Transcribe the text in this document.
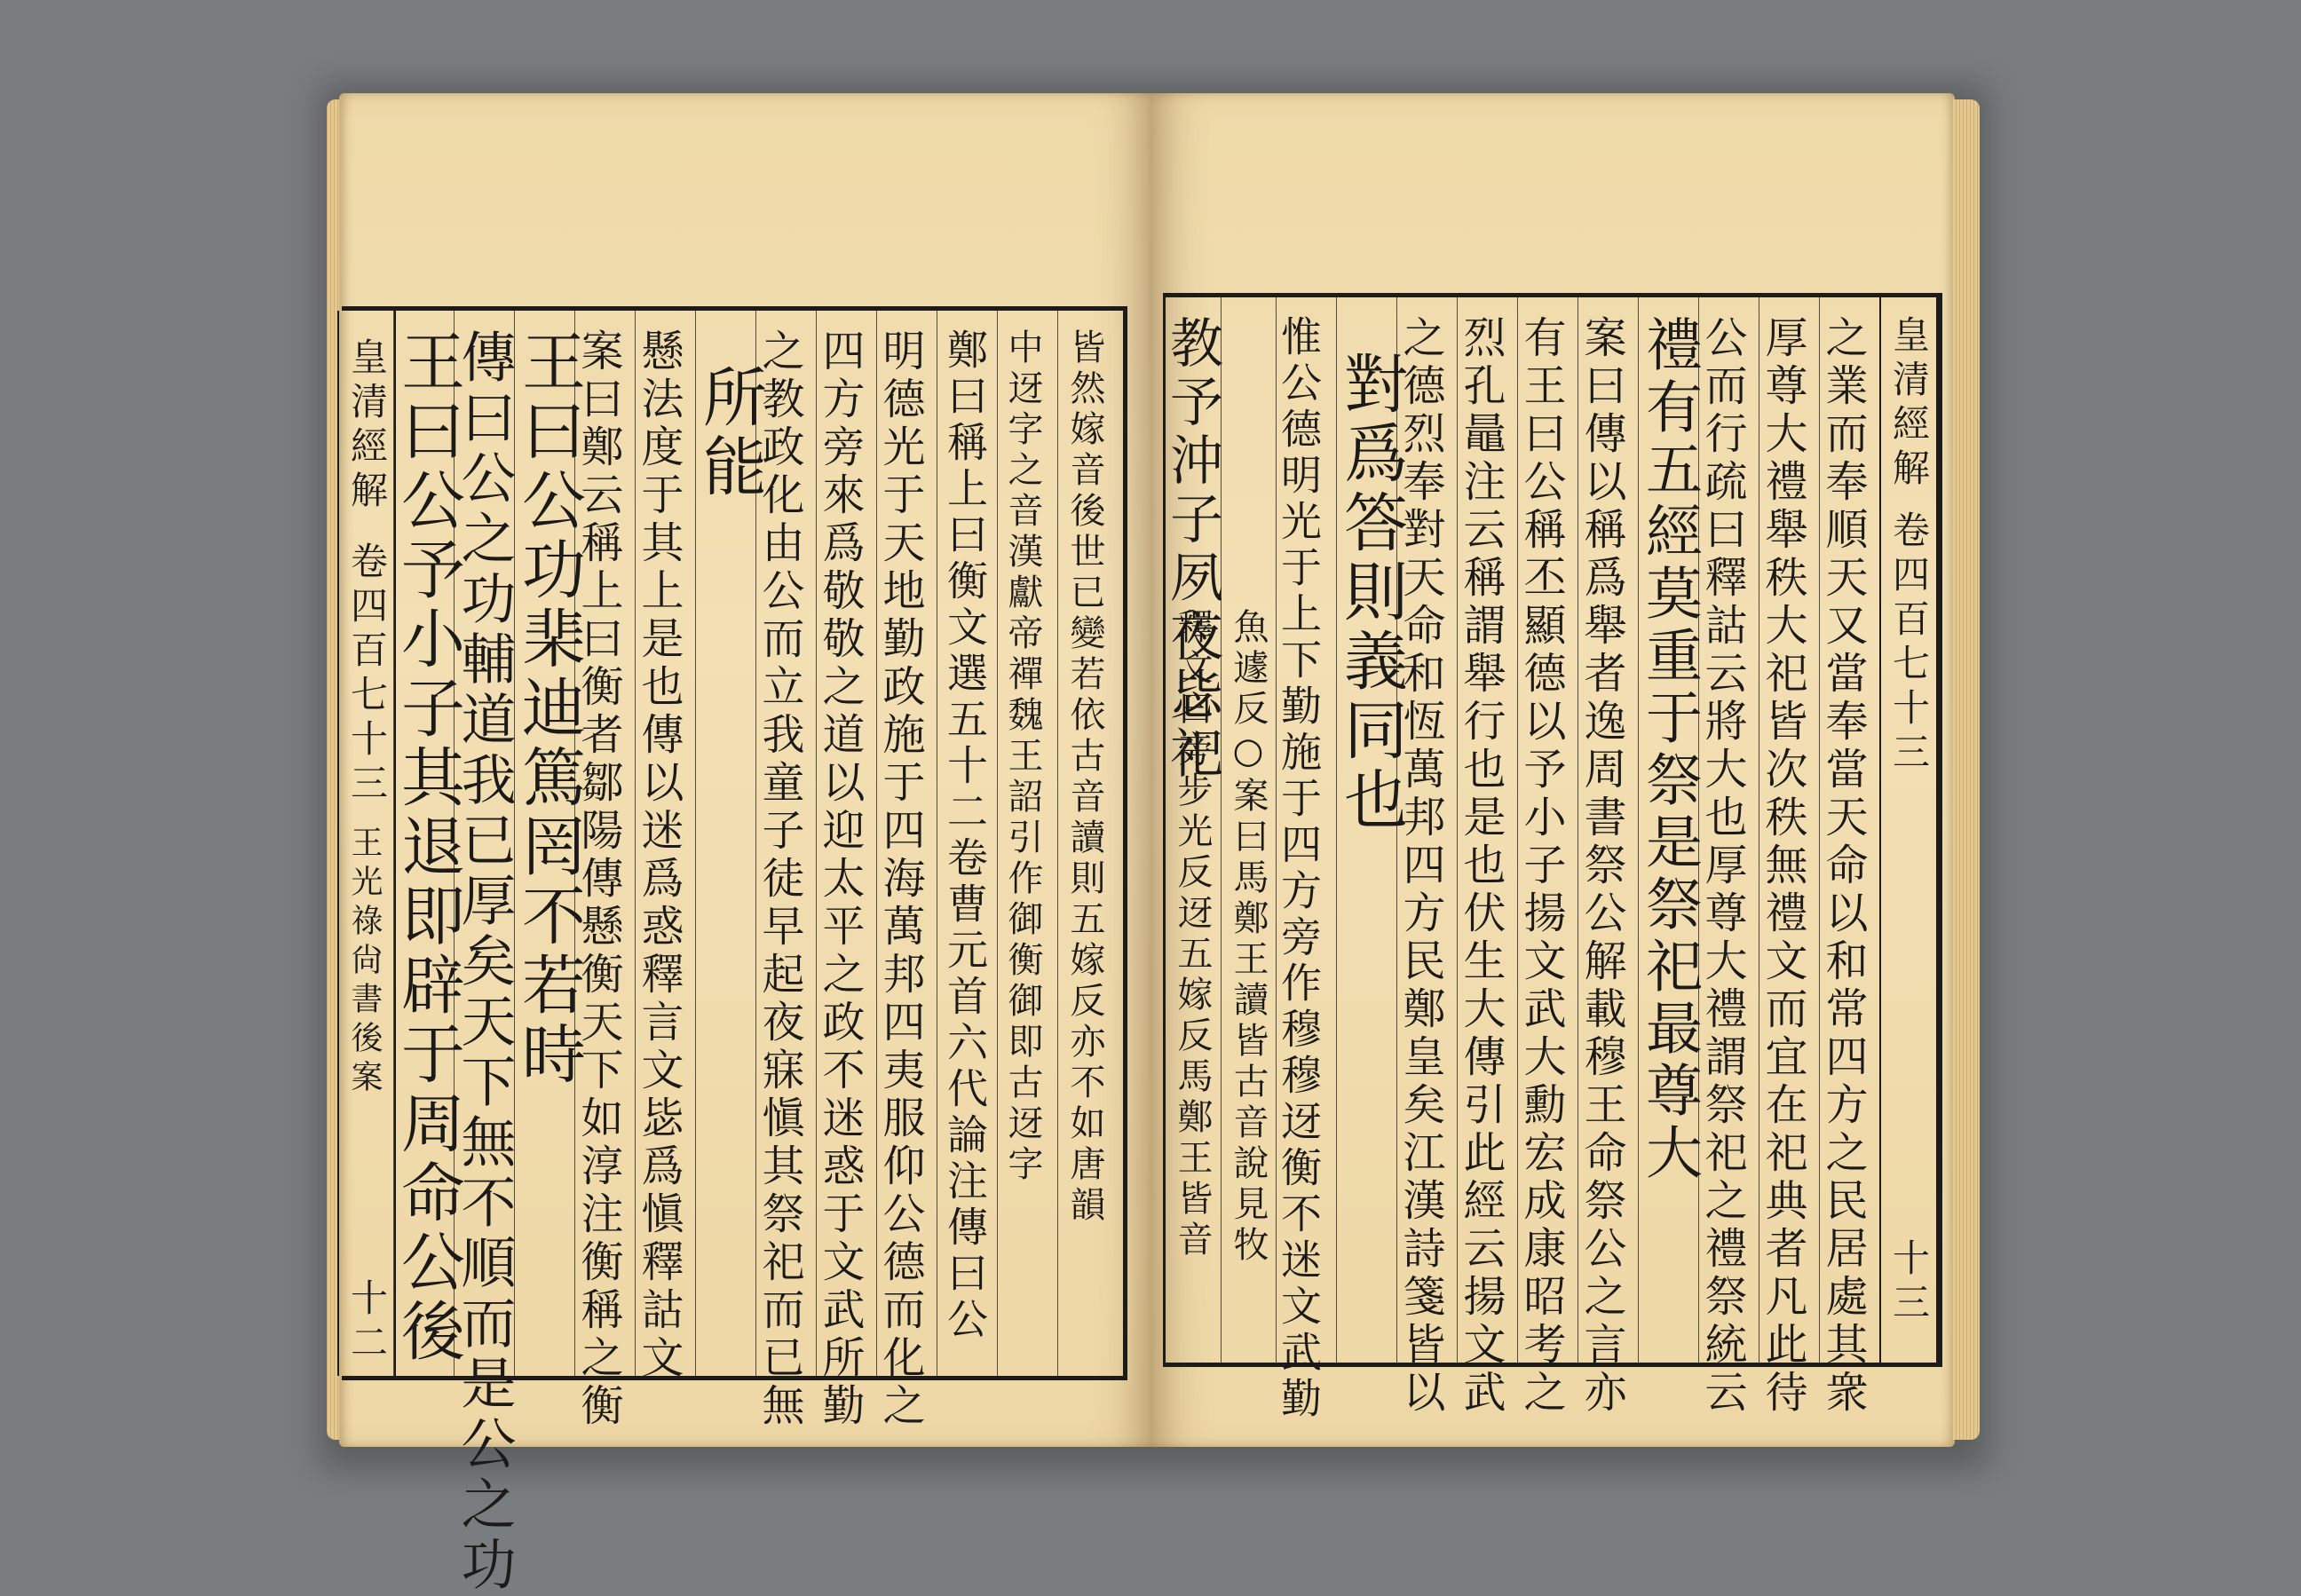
皇清經解
卷四百七十三
王光祿尙書後案
十二 王曰公予小子其退即辟于周命公後
傳曰公之功輔道我已厚矣天下無不順而是公之功
王曰公功棐迪篤罔不若時
案曰鄭云稱上曰衡者鄒陽傳懸衡天下如淳注衡稱之衡 懸法度于其上是也傳以迷爲惑釋言文毖爲愼釋詁文 所能
之教政化由公而立我童子徒早起夜寐愼其祭祀而已無 四方旁來爲敬敬之道以迎太平之政不迷惑于文武所勤 明德光于天地勤政施于四海萬邦四夷服仰公德而化之 鄭曰稱上曰衡文選五十二卷曹元首六代論注傳曰公 中迓字之音漢獻帝禪魏王詔引作御衡御即古迓字 皆然嫁音後世已變若依古音讀則五嫁反亦不如唐韻 釋文曰旁步光反迓五嫁反馬鄭王皆音 魚遽反○案曰馬鄭王讀皆古音說見牧
教予沖子夙夜毖祀 惟公德明光于上下勤施于四方旁作穆穆迓衡不迷文武勤 對爲答則義同也
之德烈奉對天命和恆萬邦四方民鄭皇矣江漢詩箋皆以 烈孔鼂注云稱謂舉行也是也伏生大傳引此經云揚文武 有王曰公稱丕顯德以予小子揚文武大勳宏成康昭考之 案曰傳以稱爲舉者逸周書祭公解載穆王命祭公之言亦 禮有五經莫重于祭是祭祀最尊大
公而行疏曰釋詁云將大也厚尊大禮謂祭祀之禮祭統云 厚尊大禮舉秩大祀皆次秩無禮文而宜在祀典者凡此待 之業而奉順天又當奉當天命以和常四方之民居處其衆 皇清經解
卷四百七十三
十三
